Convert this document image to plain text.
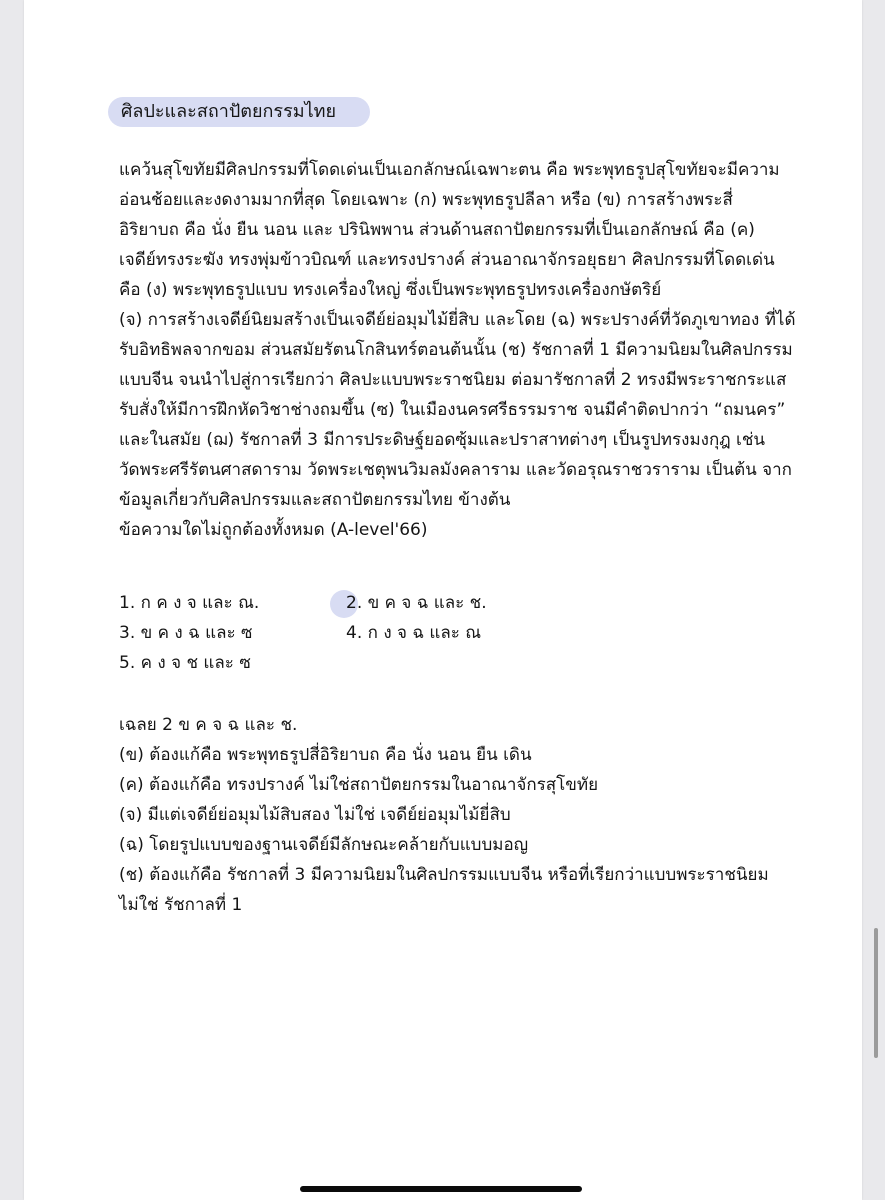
ศิลปะและสถาปัตยกรรมไทย
แคว้นสุโขทัยมีศิลปกรรมที่โดดเด่นเป็นเอกลักษณ์เฉพาะตน คือ พระพุทธรูปสุโขทัยจะมีความ
อ่อนช้อยและงดงามมากที่สุด โดยเฉพาะ (ก) พระพุทธรูปลีลา หรือ (ข) การสร้างพระสี่
อิริยาบถ คือ นั่ง ยืน นอน และ ปรินิพพาน ส่วนด้านสถาปัตยกรรมที่เป็นเอกลักษณ์ คือ (ค)
เจดีย์ทรงระฆัง ทรงพุ่มข้าวบิณฑ์ และทรงปรางค์ ส่วนอาณาจักรอยุธยา ศิลปกรรมที่โดดเด่น
คือ (ง) พระพุทธรูปแบบ ทรงเครื่องใหญ่ ซึ่งเป็นพระพุทธรูปทรงเครื่องกษัตริย์
(จ) การสร้างเจดีย์นิยมสร้างเป็นเจดีย์ย่อมุมไม้ยี่สิบ และโดย (ฉ) พระปรางค์ที่วัดภูเขาทอง ที่ได้
รับอิทธิพลจากขอม ส่วนสมัยรัตนโกสินทร์ตอนต้นนั้น (ช) รัชกาลที่ 1 มีความนิยมในศิลปกรรม
แบบจีน จนนำไปสู่การเรียกว่า ศิลปะแบบพระราชนิยม ต่อมารัชกาลที่ 2 ทรงมีพระราชกระแส
รับสั่งให้มีการฝึกหัดวิชาช่างถมขึ้น (ซ) ในเมืองนครศรีธรรมราช จนมีคำติดปากว่า “ถมนคร”
และในสมัย (ฌ) รัชกาลที่ 3 มีการประดิษฐ์ยอดซุ้มและปราสาทต่างๆ เป็นรูปทรงมงกุฎ เช่น
วัดพระศรีรัตนศาสดาราม วัดพระเชตุพนวิมลมังคลาราม และวัดอรุณราชวราราม เป็นต้น จาก
ข้อมูลเกี่ยวกับศิลปกรรมและสถาปัตยกรรมไทย ข้างต้น
ข้อความใดไม่ถูกต้องทั้งหมด (A-level'66)
1. ก ค ง จ และ ณ.	2. ข ค จ ฉ และ ช.
3. ข ค ง ฉ และ ซ	4. ก ง จ ฉ และ ณ
5. ค ง จ ช และ ซ
เฉลย 2 ข ค จ ฉ และ ช.
(ข) ต้องแก้คือ พระพุทธรูปสี่อิริยาบถ คือ นั่ง นอน ยืน เดิน
(ค) ต้องแก้คือ ทรงปรางค์ ไม่ใช่สถาปัตยกรรมในอาณาจักรสุโขทัย
(จ) มีแต่เจดีย์ย่อมุมไม้สิบสอง ไม่ใช่ เจดีย์ย่อมุมไม้ยี่สิบ
(ฉ) โดยรูปแบบของฐานเจดีย์มีลักษณะคล้ายกับแบบมอญ
(ช) ต้องแก้คือ รัชกาลที่ 3 มีความนิยมในศิลปกรรมแบบจีน หรือที่เรียกว่าแบบพระราชนิยม
ไม่ใช่ รัชกาลที่ 1
